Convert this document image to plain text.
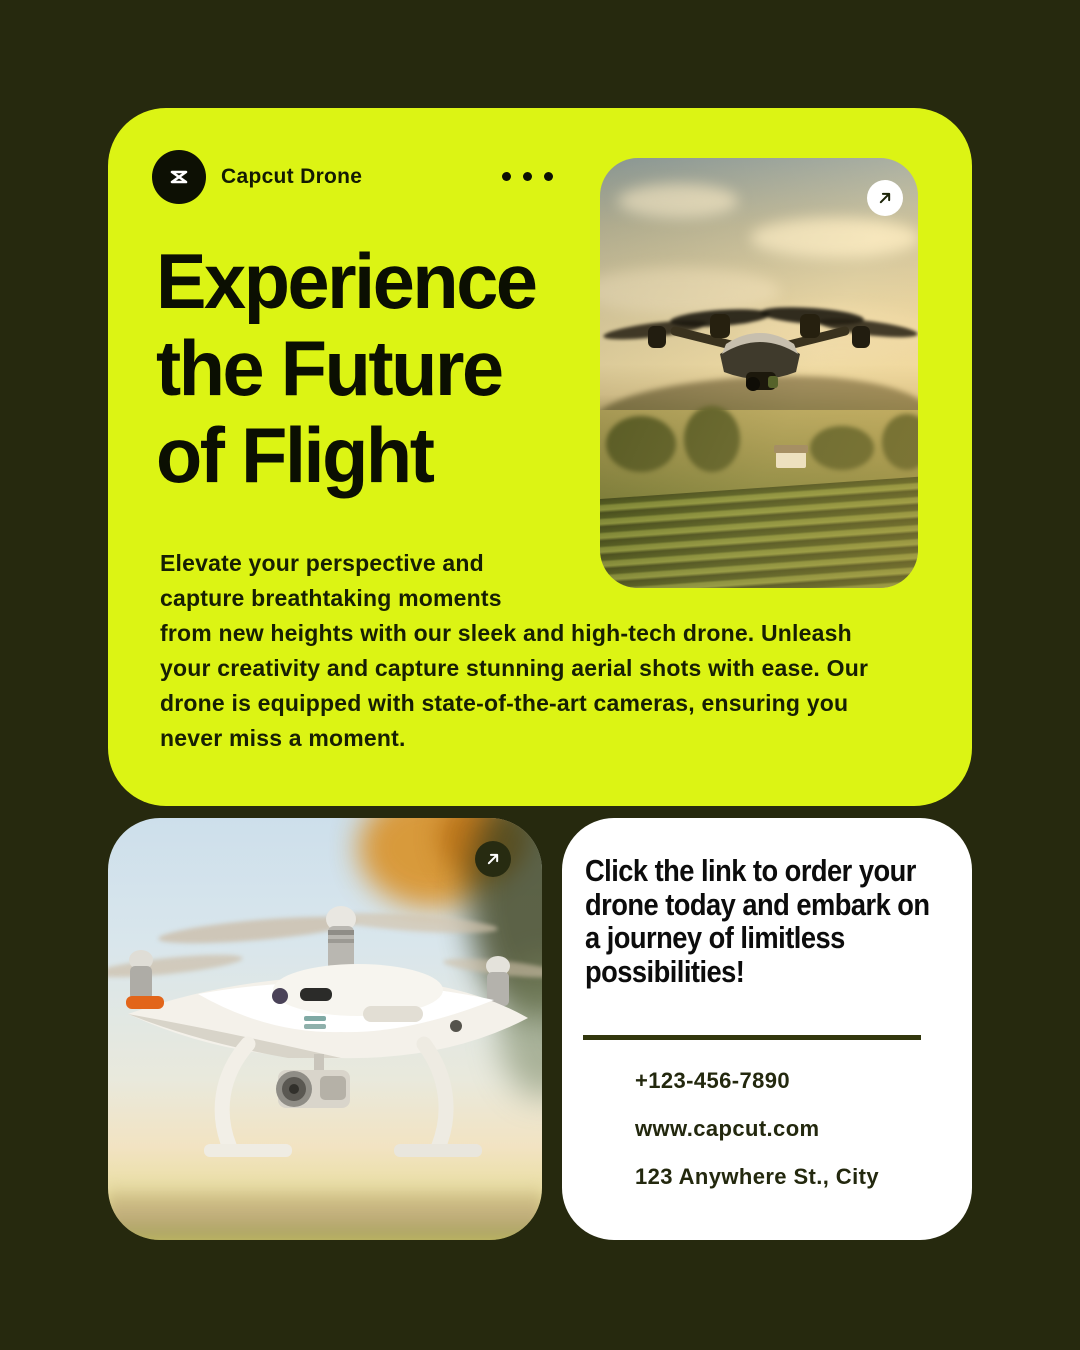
Capcut Drone
Experience
the Future
of Flight
Elevate your perspective and
capture breathtaking moments
from new heights with our sleek and high-tech drone. Unleash
your creativity and capture stunning aerial shots with ease. Our
drone is equipped with state-of-the-art cameras, ensuring you
never miss a moment.
Click the link to order your
drone today and embark on
a journey of limitless
possibilities!
+123-456-7890
www.capcut.com
123 Anywhere St., City
